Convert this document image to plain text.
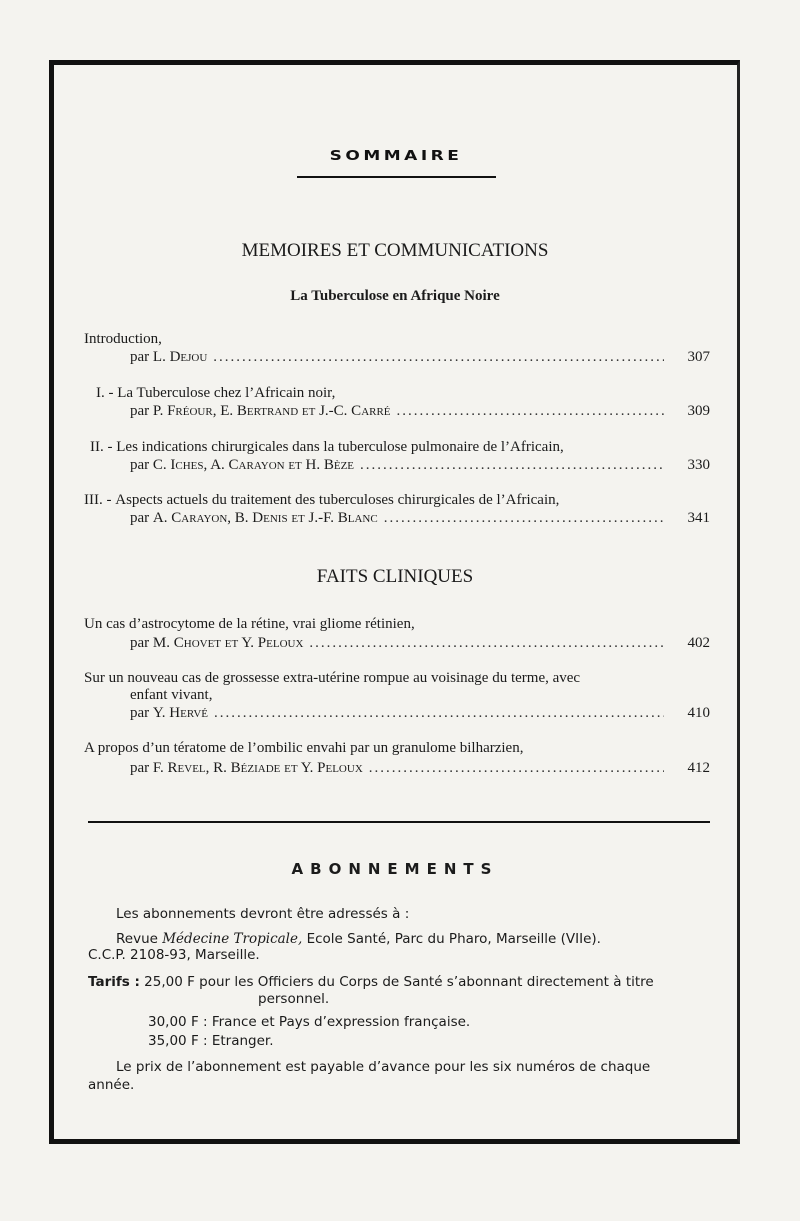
SOMMAIRE
MEMOIRES ET COMMUNICATIONS
La Tuberculose en Afrique Noire
Introduction,
par
L. Dejou .....	307
I. - La Tuberculose chez l’Africain noir,
par
P. Fréour, E. Bertrand et J.-C. Carré .....	309
II. - Les indications chirurgicales dans la tuberculose pulmonaire de l’Africain,
par
C. Iches, A. Carayon et H. Bèze .....	330
III. - Aspects actuels du traitement des tuberculoses chirurgicales de l’Africain,
par
A. Carayon, B. Denis et J.-F. Blanc .....	341
FAITS CLINIQUES
Un cas d’astrocytome de la rétine, vrai gliome rétinien,
par
M. Chovet et Y. Peloux .....	402
Sur un nouveau cas de grossesse extra-utérine rompue au voisinage du terme, avec
enfant vivant,
par
Y. Hervé .....	410
A propos d’un tératome de l’ombilic envahi par un granulome bilharzien,
par
F. Revel, R. Béziade et Y. Peloux .....	412
ABONNEMENTS
Les abonnements devront être adressés à :
Revue Médecine Tropicale, Ecole Santé, Parc du Pharo, Marseille (VIIe).
C.C.P. 2108-93, Marseille.
Tarifs : 25,00 F pour les Officiers du Corps de Santé s’abonnant directement à titre
personnel.
30,00 F : France et Pays d’expression française.
35,00 F : Etranger.
Le prix de l’abonnement est payable d’avance pour les six numéros de chaque
année.
